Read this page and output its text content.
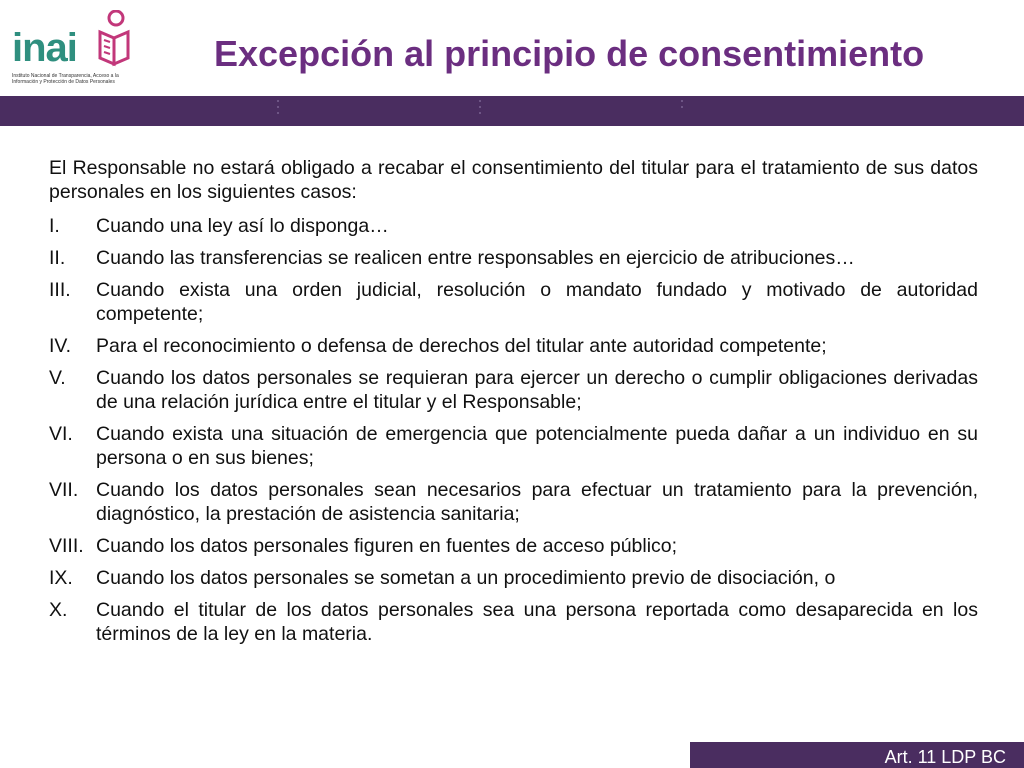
inai
Instituto Nacional de Transparencia, Acceso a la Información y Protección de Datos Personales
Excepción al principio de consentimiento

El Responsable no estará obligado a recabar el consentimiento del titular para el tratamiento de sus datos personales en los siguientes casos:

I.	Cuando una ley así lo disponga…
II.	Cuando las transferencias se realicen entre responsables en ejercicio de atribuciones…
III.	Cuando exista una orden judicial, resolución o mandato fundado y motivado de autoridad competente;
IV.	Para el reconocimiento o defensa de derechos del titular ante autoridad competente;
V.	Cuando los datos personales se requieran para ejercer un derecho o cumplir obligaciones derivadas de una relación jurídica entre el titular y el Responsable;
VI.	Cuando exista una situación de emergencia que potencialmente pueda dañar a un individuo en su persona o en sus bienes;
VII. Cuando los datos personales sean necesarios para efectuar un tratamiento para la prevención, diagnóstico, la prestación de asistencia sanitaria;
VIII. Cuando los datos personales figuren en fuentes de acceso público;
IX.	Cuando los datos personales se sometan a un procedimiento previo de disociación, o
X.	Cuando el titular de los datos personales sea una persona reportada como desaparecida en los términos de la ley en la materia.
Art. 11 LDP BC
